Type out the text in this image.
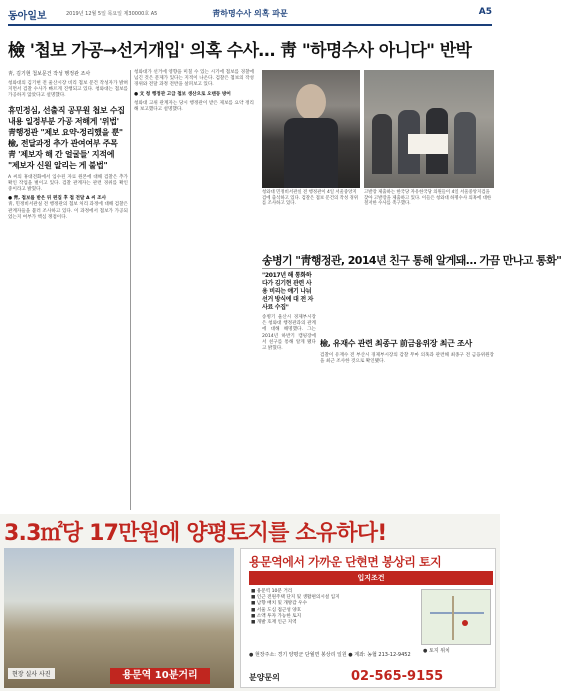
동아일보	2019년 12월 5일 목요일 제30000호 A5	靑하명수사 의혹 파문	A5
檢 '첩보 가공→선거개입' 의혹 수사… 靑 "하명수사 아니다" 반박
靑, 김기현 첩보문건 작성 행정관 조사
청와대의 김기현 전 울산시장 비리 첩보 문건 작성자가 밝혀지면서 검찰 수사가 빠르게 진행되고 있다. 청와대는 첩보를 가공하지 않았다고 설명했다.
휴민정심, 선출직 공무원 첩보 수집
내용 일정부분 가공 저해게 '위법'
靑행정관 "제보 요약·정리했을 뿐"
檢, 전달과정 추가 관여여부 주목
靑 '제보자 해 간 얼굴들' 지적에
"제보자 신원 알리는 게 불법"
A 씨의 휴대전화에서 입수된 자료 원본에 대해 검찰은 추가 확인 작업을 벌이고 있다. 검찰 관계자는 관련 경위를 확인 중이라고 밝혔다.
● 靑, 첩보를 받은 뒤 편집 후 첩 전달 A 씨 조사
靑, 민정비서관실 전 행정관의 첩보 처리 과정에 대해 검찰은 관계자들을 불러 조사하고 있다. 이 과정에서 첩보가 가공되었는지 여부가 핵심 쟁점이다.
청와대가 선거에 영향을 미칠 수 있는 시기에 첩보를 경찰에 넘긴 것은 문제가 있다는 지적이 나온다. 검찰은 첩보의 작성 경위와 전달 과정 전반을 살펴보고 있다.
● 文 청 행정관 고급 첩보 생산으로 오랜동 방어
청와대 고위 관계자는 당시 행정관이 받은 제보를 요약 정리해 보고했다고 설명했다.
청와대 민정비서관실 전 행정관이 4일 서울중앙지검에 출석하고 있다. 검찰은 첩보 문건의 작성 경위를 조사하고 있다.
고발장 제출하는 한국당 자유한국당 의원들이 4일 서울중앙지검을 찾아 고발장을 제출하고 있다. 이들은 청와대 하명수사 의혹에 대한 철저한 수사를 촉구했다.
송병기 "靑행정관, 2014년 친구 통해 알게돼… 가끔 만나고 통화"
"2017년 해 통화하다가 김기현 관련 사용 비리는 얘기 나눠 선거 방식에 대 전 자사료 수집"
송병기 울산시 경제부시장은 청와대 행정관과의 관계에 대해 해명했다. 그는 2014년 하반기 캠핑장에서 친구를 통해 알게 됐다고 밝혔다.
檢, 유재수 관련 최종구 前금융위장 최근 조사
검찰이 유재수 전 부산시 경제부시장의 감찰 무마 의혹과 관련해 최종구 전 금융위원장을 최근 조사한 것으로 확인됐다.
3.3㎡당 17만원에 양평토지를 소유하다!
현장 실사 사진	용문역 10분거리
용문역에서 가까운 단현면 봉상리 토지
입지조건
■ 용문역 10분 거리
■ 인근 전원주택 단지 및 생활편의시설 입지
■ 남향 배치 및 개방감 우수
■ 서울 도심 접근성 양호
■ 소액 투자 가능한 토지
■ 개발 호재 인근 지역
● 토지 위치
● 현장주소: 경기 양평군 단월면 봉상리 일원 ● 계좌: 농협 213-12-9452
분양문의	02-565-9155
